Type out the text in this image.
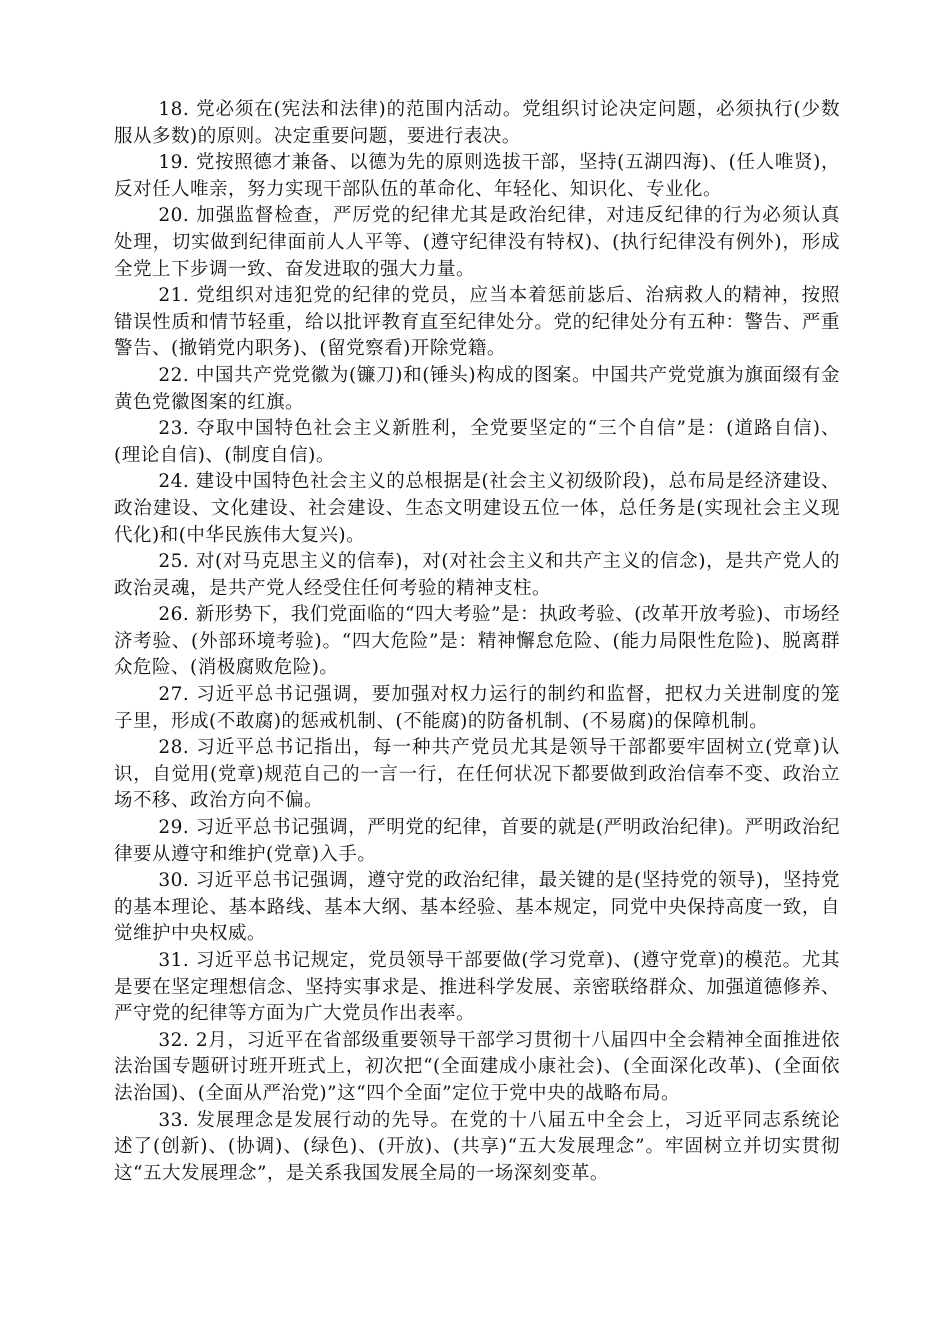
18. 党必须在(宪法和法律)的范围内活动。党组织讨论决定问题，必须执行(少数服从多数)的原则。决定重要问题，要进行表决。

19. 党按照德才兼备、以德为先的原则选拔干部，坚持(五湖四海)、(任人唯贤)，反对任人唯亲，努力实现干部队伍的革命化、年轻化、知识化、专业化。

20. 加强监督检查，严厉党的纪律尤其是政治纪律，对违反纪律的行为必须认真处理，切实做到纪律面前人人平等、(遵守纪律没有特权)、(执行纪律没有例外)，形成全党上下步调一致、奋发进取的强大力量。

21. 党组织对违犯党的纪律的党员，应当本着惩前毖后、治病救人的精神，按照错误性质和情节轻重，给以批评教育直至纪律处分。党的纪律处分有五种：警告、严重警告、(撤销党内职务)、(留党察看)开除党籍。

22. 中国共产党党徽为(镰刀)和(锤头)构成的图案。中国共产党党旗为旗面缀有金黄色党徽图案的红旗。

23. 夺取中国特色社会主义新胜利，全党要坚定的“三个自信”是：(道路自信)、(理论自信)、(制度自信)。

24. 建设中国特色社会主义的总根据是(社会主义初级阶段)，总布局是经济建设、政治建设、文化建设、社会建设、生态文明建设五位一体，总任务是(实现社会主义现代化)和(中华民族伟大复兴)。

25. 对(对马克思主义的信奉)，对(对社会主义和共产主义的信念)，是共产党人的政治灵魂，是共产党人经受住任何考验的精神支柱。

26. 新形势下，我们党面临的“四大考验”是：执政考验、(改革开放考验)、市场经济考验、(外部环境考验)。“四大危险”是：精神懈怠危险、(能力局限性危险)、脱离群众危险、(消极腐败危险)。

27. 习近平总书记强调，要加强对权力运行的制约和监督，把权力关进制度的笼子里，形成(不敢腐)的惩戒机制、(不能腐)的防备机制、(不易腐)的保障机制。

28. 习近平总书记指出，每一种共产党员尤其是领导干部都要牢固树立(党章)认识，自觉用(党章)规范自己的一言一行，在任何状况下都要做到政治信奉不变、政治立场不移、政治方向不偏。

29. 习近平总书记强调，严明党的纪律，首要的就是(严明政治纪律)。严明政治纪律要从遵守和维护(党章)入手。

30. 习近平总书记强调，遵守党的政治纪律，最关键的是(坚持党的领导)，坚持党的基本理论、基本路线、基本大纲、基本经验、基本规定，同党中央保持高度一致，自觉维护中央权威。

31. 习近平总书记规定，党员领导干部要做(学习党章)、(遵守党章)的模范。尤其是要在坚定理想信念、坚持实事求是、推进科学发展、亲密联络群众、加强道德修养、严守党的纪律等方面为广大党员作出表率。

32. 2月，习近平在省部级重要领导干部学习贯彻十八届四中全会精神全面推进依法治国专题研讨班开班式上，初次把“(全面建成小康社会)、(全面深化改革)、(全面依法治国)、(全面从严治党)”这“四个全面”定位于党中央的战略布局。

33. 发展理念是发展行动的先导。在党的十八届五中全会上，习近平同志系统论述了(创新)、(协调)、(绿色)、(开放)、(共享)“五大发展理念”。牢固树立并切实贯彻这“五大发展理念”，是关系我国发展全局的一场深刻变革。
